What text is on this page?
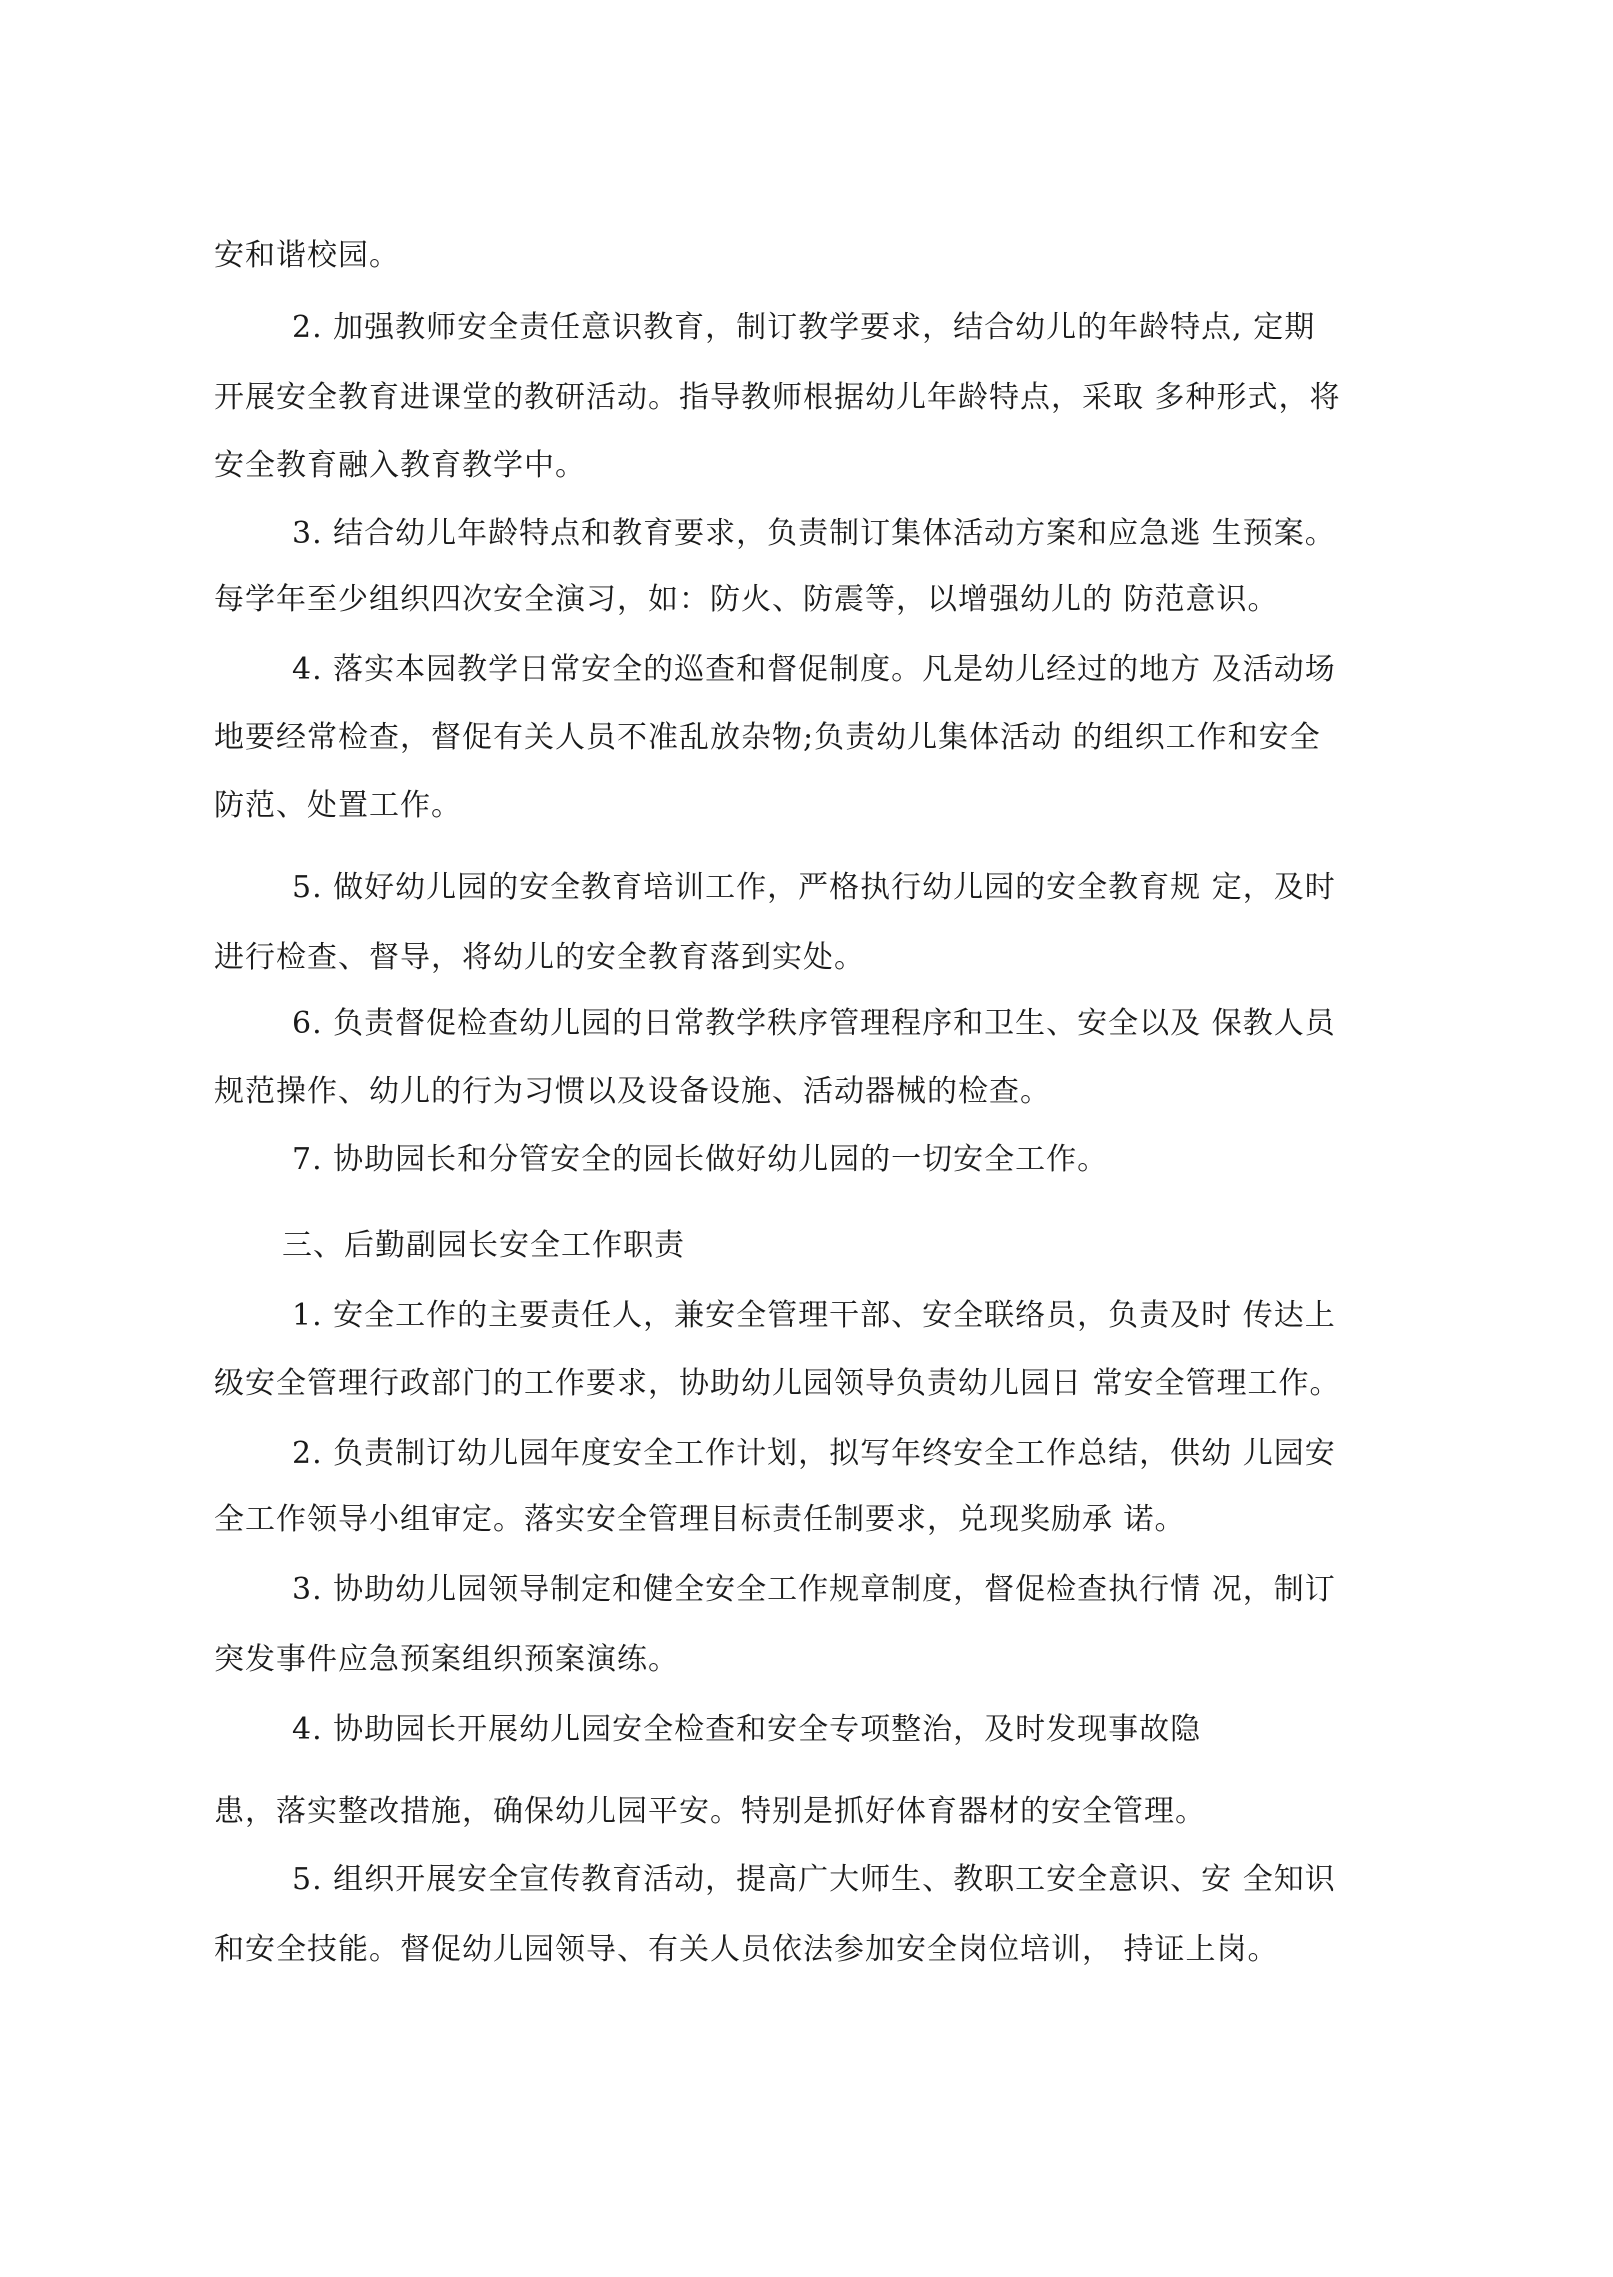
安和谐校园。
2. 加强教师安全责任意识教育，制订教学要求，结合幼儿的年龄特点, 定期
开展安全教育进课堂的教研活动。指导教师根据幼儿年龄特点，采取 多种形式，将
安全教育融入教育教学中。
3. 结合幼儿年龄特点和教育要求，负责制订集体活动方案和应急逃 生预案。
每学年至少组织四次安全演习，如：防火、防震等，以增强幼儿的 防范意识。
4. 落实本园教学日常安全的巡查和督促制度。凡是幼儿经过的地方 及活动场
地要经常检查，督促有关人员不准乱放杂物;负责幼儿集体活动 的组织工作和安全
防范、处置工作。
5. 做好幼儿园的安全教育培训工作，严格执行幼儿园的安全教育规 定，及时
进行检查、督导，将幼儿的安全教育落到实处。
6. 负责督促检查幼儿园的日常教学秩序管理程序和卫生、安全以及 保教人员
规范操作、幼儿的行为习惯以及设备设施、活动器械的检查。
7. 协助园长和分管安全的园长做好幼儿园的一切安全工作。
三、后勤副园长安全工作职责
1. 安全工作的主要责任人，兼安全管理干部、安全联络员，负责及时 传达上
级安全管理行政部门的工作要求，协助幼儿园领导负责幼儿园日 常安全管理工作。
2. 负责制订幼儿园年度安全工作计划，拟写年终安全工作总结，供幼 儿园安
全工作领导小组审定。落实安全管理目标责任制要求，兑现奖励承 诺。
3. 协助幼儿园领导制定和健全安全工作规章制度，督促检查执行情 况，制订
突发事件应急预案组织预案演练。
4. 协助园长开展幼儿园安全检查和安全专项整治，及时发现事故隐
患，落实整改措施，确保幼儿园平安。特别是抓好体育器材的安全管理。
5. 组织开展安全宣传教育活动，提高广大师生、教职工安全意识、安 全知识
和安全技能。督促幼儿园领导、有关人员依法参加安全岗位培训， 持证上岗。
